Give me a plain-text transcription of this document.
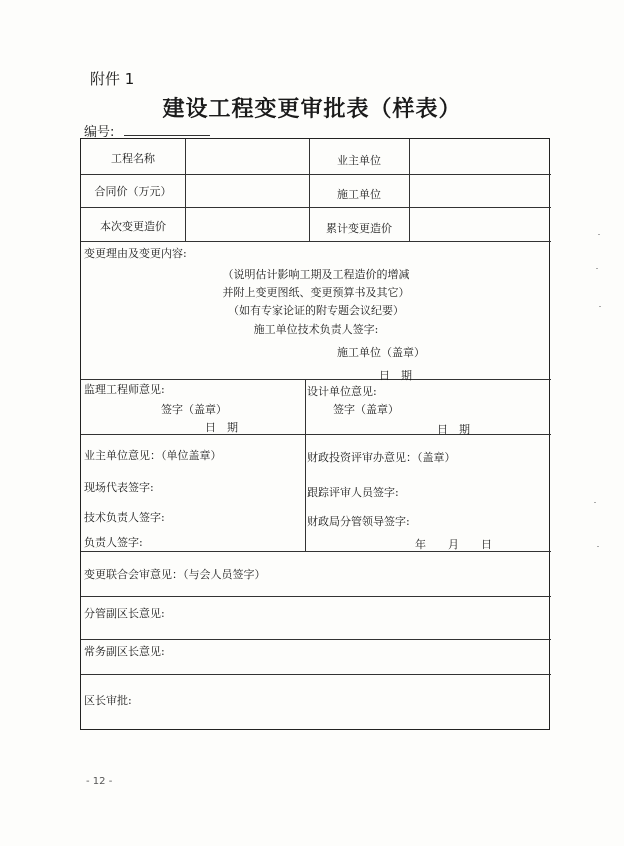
附件 1
建设工程变更审批表（样表）
编号:
工程名称	业主单位
合同价（万元）	施工单位
本次变更造价	累计变更造价
变更理由及变更内容:
（说明估计影响工期及工程造价的增减
并附上变更图纸、变更预算书及其它）
（如有专家论证的附专题会议纪要）
施工单位技术负责人签字:
施工单位（盖章）
日　期
监理工程师意见:
签字（盖章）
日　期
设计单位意见:
签字（盖章）
日　期
业主单位意见：（单位盖章）
现场代表签字:
技术负责人签字:
负责人签字:
财政投资评审办意见：（盖章）
跟踪评审人员签字:
财政局分管领导签字:
年　　月　　日
变更联合会审意见：（与会人员签字）
分管副区长意见:
常务副区长意见:
区长审批:
- 12 -
